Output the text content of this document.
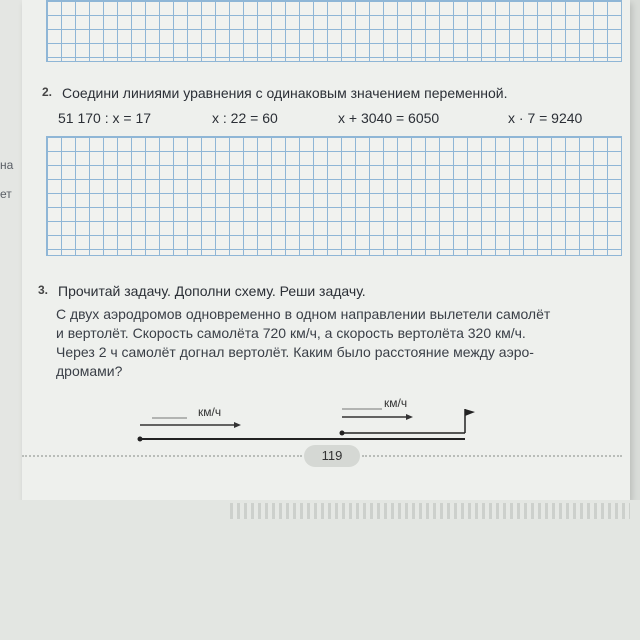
на
ет
2. Соедини линиями уравнения с одинаковым значением переменной.
51 170 : x = 17	x : 22 = 60	x + 3040 = 6050	x · 7 = 9240
3. Прочитай задачу. Дополни схему. Реши задачу.

С двух аэродромов одновременно в одном направлении вылетели самолёт

и вертолёт. Скорость самолёта 720 км/ч, а скорость вертолёта 320 км/ч.

Через 2 ч самолёт догнал вертолёт. Каким было расстояние между аэро-

дромами?

км/ч
км/ч
119
